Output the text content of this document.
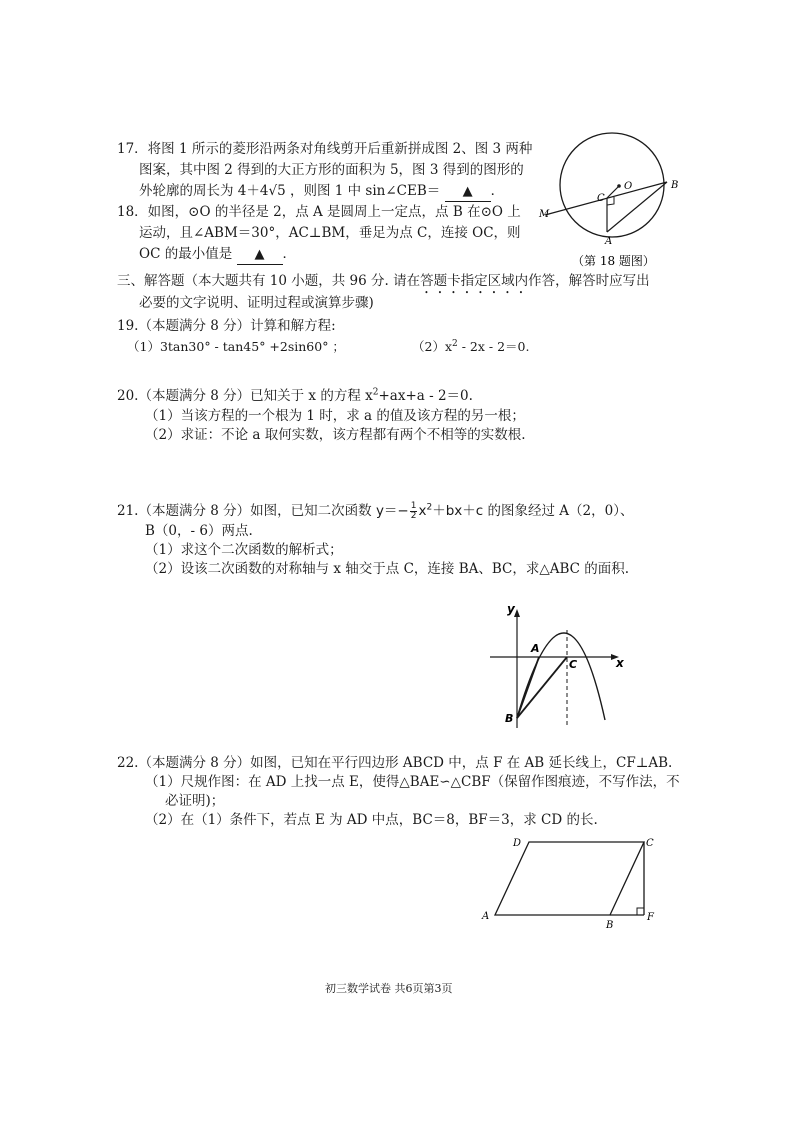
17．将图 1 所示的菱形沿两条对角线剪开后重新拼成图 2、图 3 两种
图案，其中图 2 得到的大正方形的面积为 5，图 3 得到的图形的
外轮廓的周长为 4＋4√5 ，则图 1 中 sin∠CEB＝ ▲ ．
18．如图，⊙O 的半径是 2，点 A 是圆周上一定点，点 B 在⊙O 上
运动，且∠ABM＝30°，AC⊥BM，垂足为点 C，连接 OC，则
OC 的最小值是 ▲ ．
O
C
B
M
A
（第 18 题图）
三、解答题（本大题共有 10 小题，共 96 分. 请在答题卡指定区域内作答，解答时应写出
必要的文字说明、证明过程或演算步骤)
19.（本题满分 8 分）计算和解方程:
（1）3tan30° - tan45° +2sin60° ；	$(2)x^2 - 2x - 2=0$.
20.（本题满分 8 分）已知关于 x 的方程 $x^2+ax+a - 2=0$.
（1）当该方程的一个根为 1 时，求 a 的值及该方程的另一根；
（2）求证：不论 a 取何实数，该方程都有两个不相等的实数根.
21.（本题满分 8 分）如图，已知二次函数 $y=- \frac{1}{2} x^2+bx+c$ 的图象经过 A（2，0）、
B（0，- 6）两点.
（1）求这个二次函数的解析式；
（2）设该二次函数的对称轴与 x 轴交于点 C，连接 BA、BC，求△ABC 的面积.
y
x
A
C
B
22.（本题满分 8 分）如图，已知在平行四边形 ABCD 中，点 F 在 AB 延长线上，CF⊥AB.
（1）尺规作图：在 AD 上找一点 E，使得△BAE∽△CBF（保留作图痕迹，不写作法，不
必证明)；
（2）在（1）条件下，若点 E 为 AD 中点，BC＝8，BF＝3，求 CD 的长.
D	C
A
B
F
初三数学试卷 共6页第3页
